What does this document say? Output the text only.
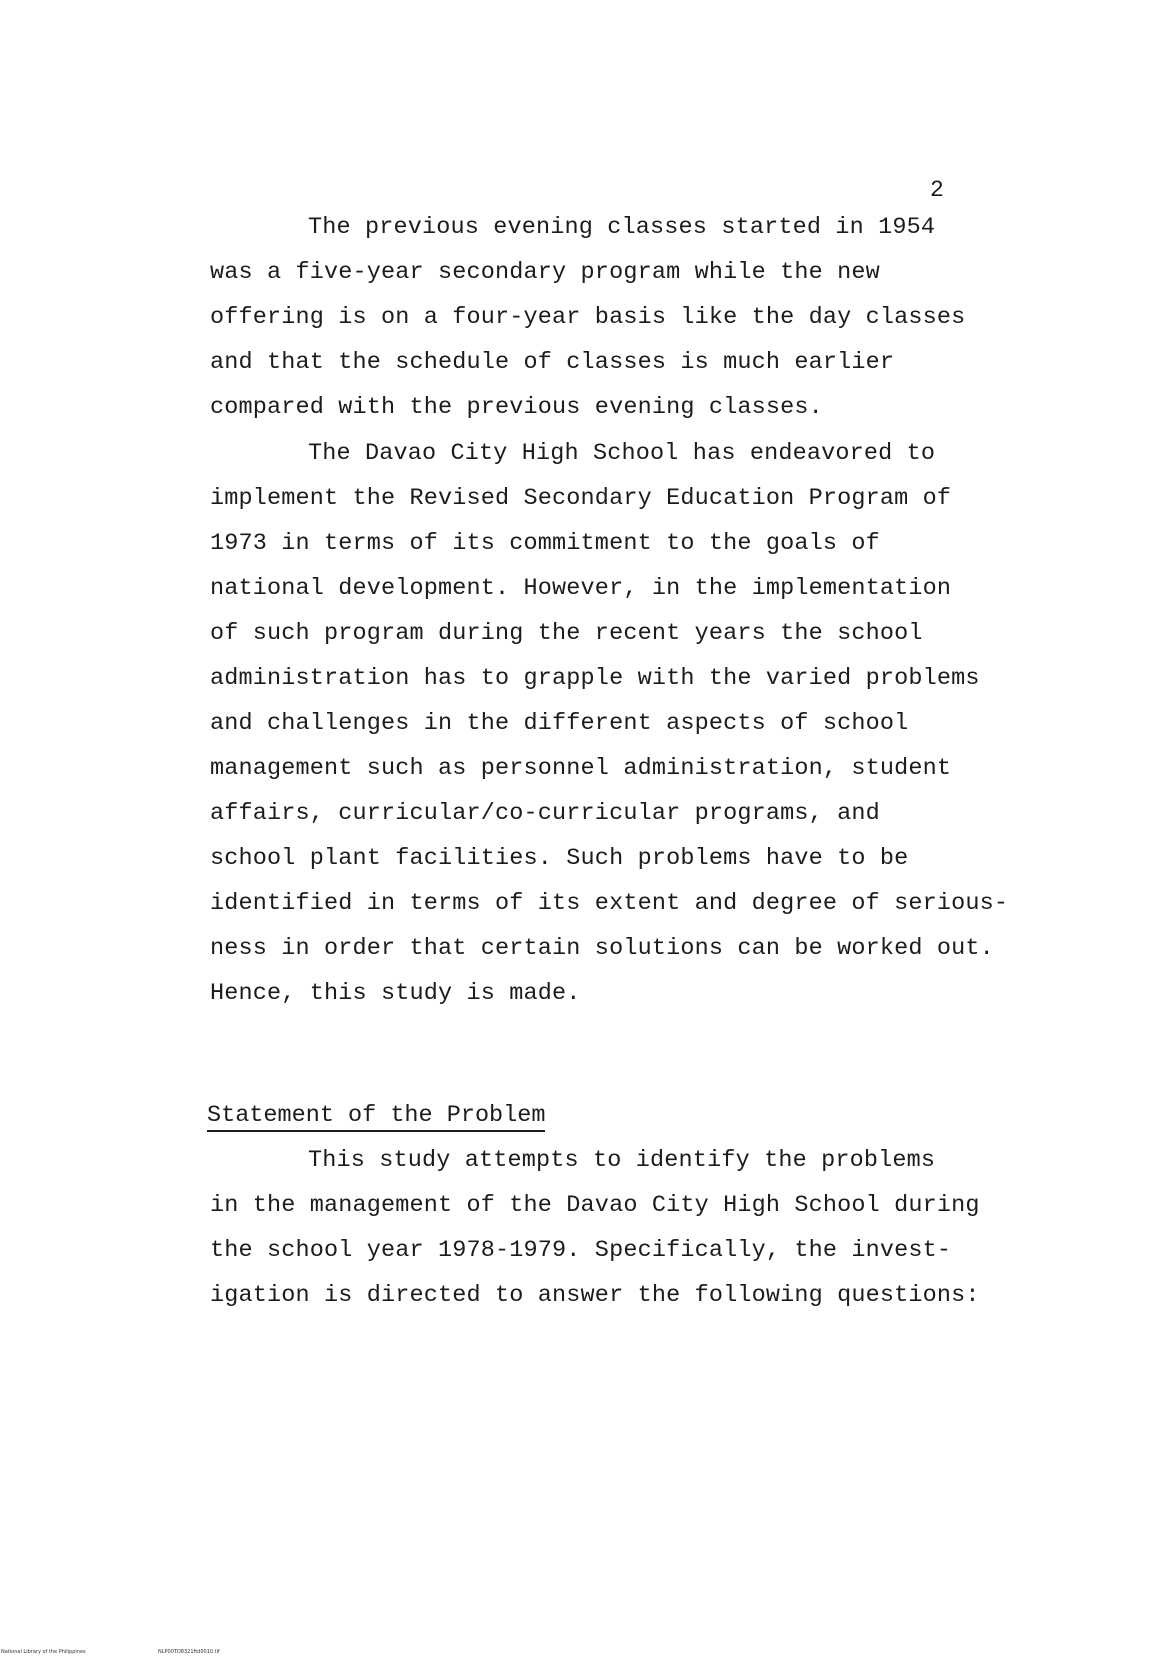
2
The previous evening classes started in 1954
was a five-year secondary program while the new
offering is on a four-year basis like the day classes
and that the schedule of classes is much earlier
compared with the previous evening classes.
The Davao City High School has endeavored to
implement the Revised Secondary Education Program of
1973 in terms of its commitment to the goals of
national development. However, in the implementation
of such program during the recent years the school
administration has to grapple with the varied problems
and challenges in the different aspects of school
management such as personnel administration, student
affairs, curricular/co-curricular programs, and
school plant facilities. Such problems have to be
identified in terms of its extent and degree of serious-
ness in order that certain solutions can be worked out.
Hence, this study is made.
Statement of the Problem
This study attempts to identify the problems
in the management of the Davao City High School during
the school year 1978-1979. Specifically, the invest-
igation is directed to answer the following questions:
National Library of the Philippines	NLP00TD8321ftd0010.tif
